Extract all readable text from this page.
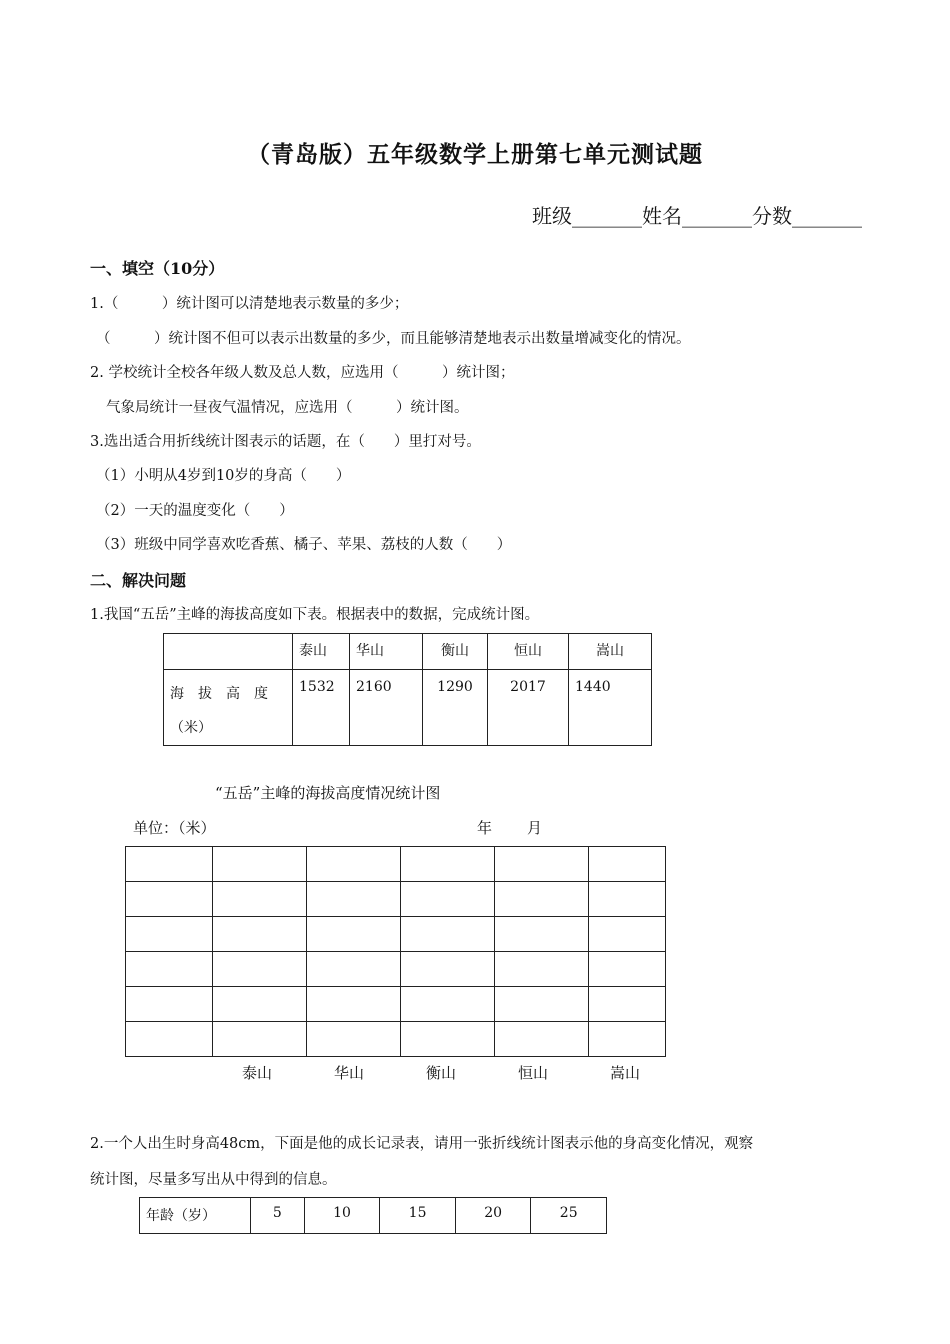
（青岛版）五年级数学上册第七单元测试题
班级_______姓名_______分数_______
一、填空（10分）
1.（　　　）统计图可以清楚地表示数量的多少；
（　　　）统计图不但可以表示出数量的多少，而且能够清楚地表示出数量增减变化的情况。
2. 学校统计全校各年级人数及总人数，应选用（　　　）统计图；
气象局统计一昼夜气温情况，应选用（　　　）统计图。
3.选出适合用折线统计图表示的话题，在（　　）里打对号。
（1）小明从4岁到10岁的身高（　　）
（2）一天的温度变化（　　）
（3）班级中同学喜欢吃香蕉、橘子、苹果、荔枝的人数（　　）
二、解决问题
1.我国“五岳”主峰的海拔高度如下表。根据表中的数据，完成统计图。
	泰山	华山	衡山	恒山	嵩山

海　拔　高　度
（米）	1532	2160	1290	2017	1440
“五岳”主峰的海拔高度情况统计图
单位：（米）	年 月
泰山	华山	衡山	恒山	嵩山
2.一个人出生时身高48cm，下面是他的成长记录表，请用一张折线统计图表示他的身高变化情况，观察
统计图，尽量多写出从中得到的信息。
年龄（岁）	5	10	15	20	25
